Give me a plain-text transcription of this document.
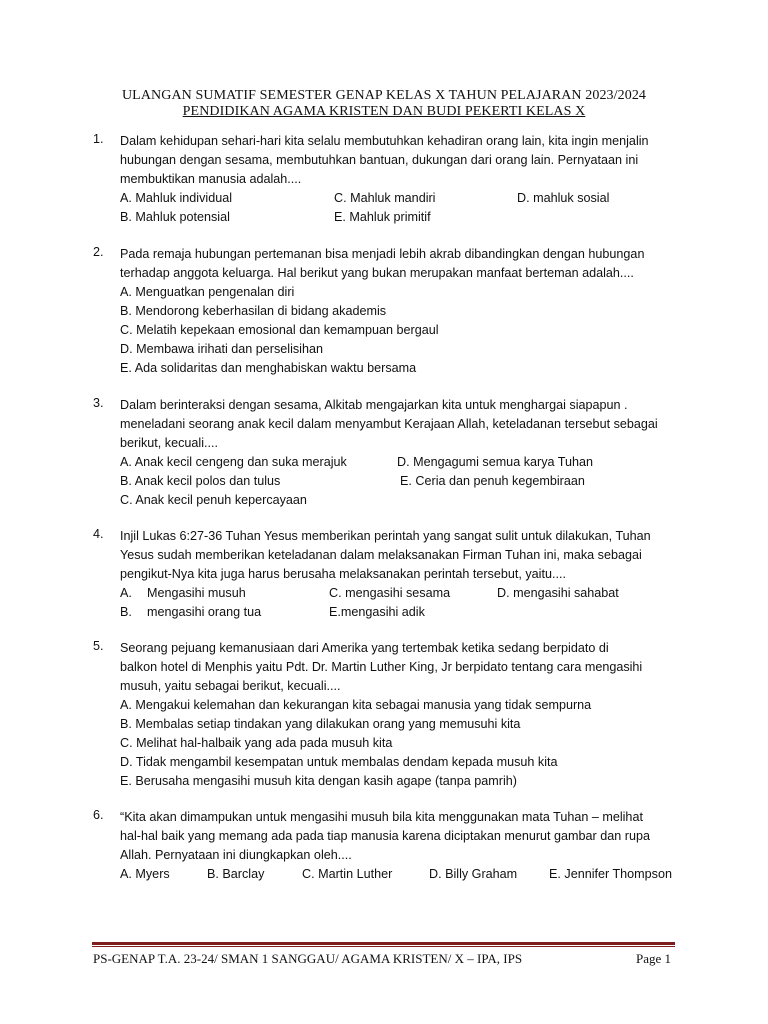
ULANGAN SUMATIF SEMESTER GENAP KELAS X TAHUN PELAJARAN 2023/2024
PENDIDIKAN AGAMA KRISTEN DAN BUDI PEKERTI KELAS X
1. Dalam kehidupan sehari-hari kita selalu membutuhkan kehadiran orang lain, kita ingin menjalin
hubungan dengan sesama, membutuhkan bantuan, dukungan dari orang lain. Pernyataan ini
membuktikan manusia adalah....
A. Mahluk individual	C. Mahluk mandiri	D. mahluk sosial
B. Mahluk potensial	E. Mahluk primitif
2. Pada remaja hubungan pertemanan bisa menjadi lebih akrab dibandingkan dengan hubungan
terhadap anggota keluarga. Hal berikut yang bukan merupakan manfaat berteman adalah....
A. Menguatkan pengenalan diri
B. Mendorong keberhasilan di bidang akademis
C. Melatih kepekaan emosional dan kemampuan bergaul
D. Membawa irihati dan perselisihan
E. Ada solidaritas dan menghabiskan waktu bersama
3. Dalam berinteraksi dengan sesama, Alkitab mengajarkan kita untuk menghargai siapapun .
meneladani seorang anak kecil dalam menyambut Kerajaan Allah, keteladanan tersebut sebagai
berikut, kecuali....
A. Anak kecil cengeng dan suka merajuk	D. Mengagumi semua karya Tuhan
B. Anak kecil polos dan tulus	E. Ceria dan penuh kegembiraan
C. Anak kecil penuh kepercayaan
4. Injil Lukas 6:27-36 Tuhan Yesus memberikan perintah yang sangat sulit untuk dilakukan, Tuhan
Yesus sudah memberikan keteladanan dalam melaksanakan Firman Tuhan ini, maka sebagai
pengikut-Nya kita juga harus berusaha melaksanakan perintah tersebut, yaitu....
A. Mengasihi musuh	C. mengasihi sesama	D. mengasihi sahabat
B. mengasihi orang tua	E.mengasihi adik
5. Seorang pejuang kemanusiaan dari Amerika yang tertembak ketika sedang berpidato di
balkon hotel di Menphis yaitu Pdt. Dr. Martin Luther King, Jr berpidato tentang cara mengasihi
musuh, yaitu sebagai berikut, kecuali....
A. Mengakui kelemahan dan kekurangan kita sebagai manusia yang tidak sempurna
B. Membalas setiap tindakan yang dilakukan orang yang memusuhi kita
C. Melihat hal-halbaik yang ada pada musuh kita
D. Tidak mengambil kesempatan untuk membalas dendam kepada musuh kita
E. Berusaha mengasihi musuh kita dengan kasih agape (tanpa pamrih)
6. “Kita akan dimampukan untuk mengasihi musuh bila kita menggunakan mata Tuhan – melihat
hal-hal baik yang memang ada pada tiap manusia karena diciptakan menurut gambar dan rupa
Allah. Pernyataan ini diungkapkan oleh....
A. Myers	B. Barclay	C. Martin Luther	D. Billy Graham	E. Jennifer Thompson
PS-GENAP T.A. 23-24/ SMAN 1 SANGGAU/ AGAMA KRISTEN/ X – IPA, IPS	Page 1
